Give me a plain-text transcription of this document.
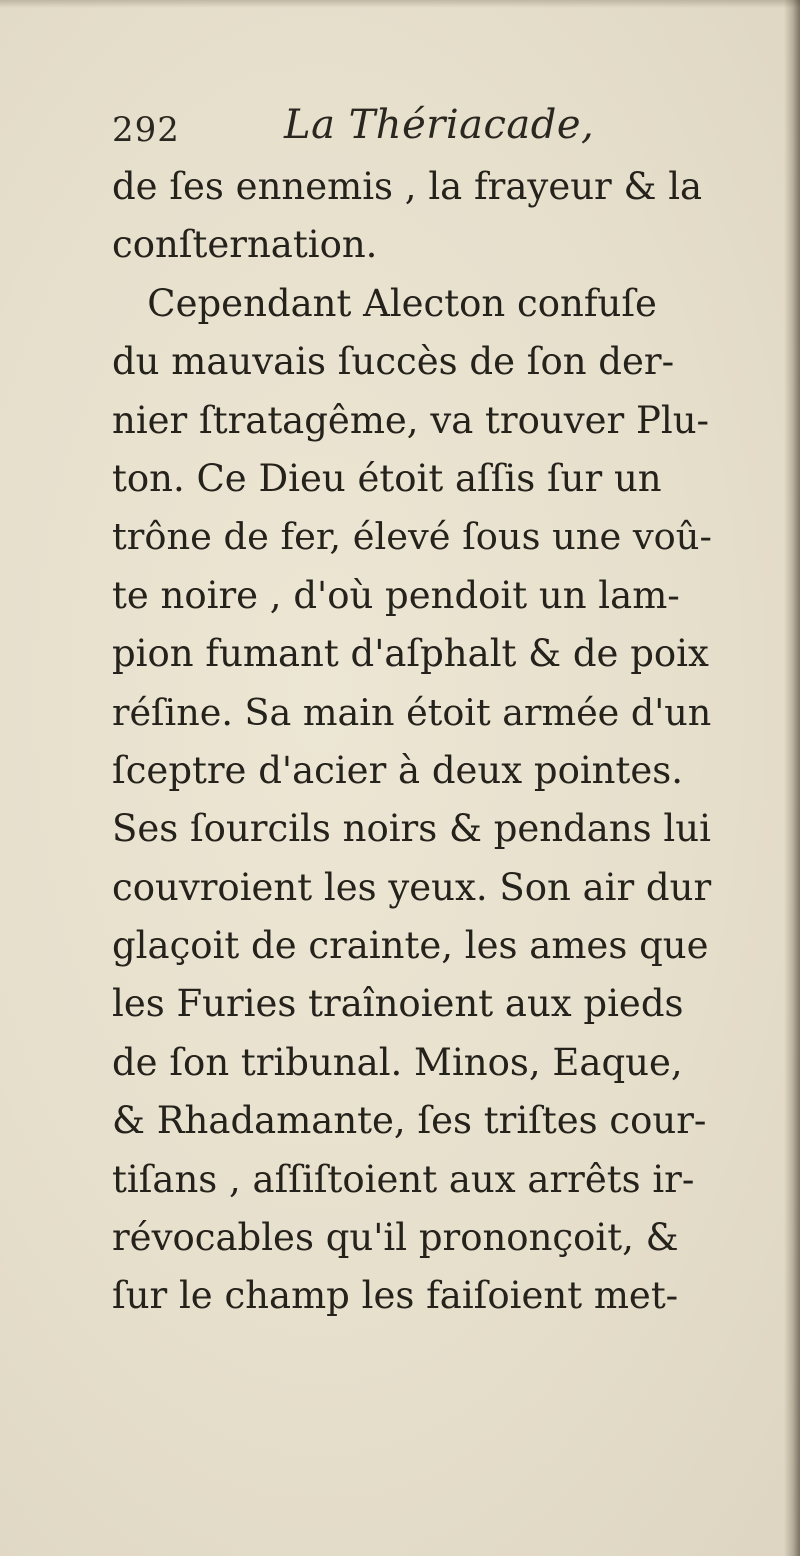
292	La Thériacade,
de ſes ennemis , la frayeur & la
conſternation.
Cependant Alecton confuſe
du mauvais ſuccès de ſon der-
nier ſtratagême, va trouver Plu-
ton. Ce Dieu étoit aſſis ſur un
trône de fer, élevé ſous une voû-
te noire , d'où pendoit un lam-
pion fumant d'aſphalt & de poix
réſine. Sa main étoit armée d'un
ſceptre d'acier à deux pointes.
Ses ſourcils noirs & pendans lui
couvroient les yeux. Son air dur
glaçoit de crainte, les ames que
les Furies traînoient aux pieds
de ſon tribunal. Minos, Eaque,
& Rhadamante, ſes triſtes cour-
tiſans , aſſiſtoient aux arrêts ir-
révocables qu'il prononçoit, &
ſur le champ les faiſoient met-
